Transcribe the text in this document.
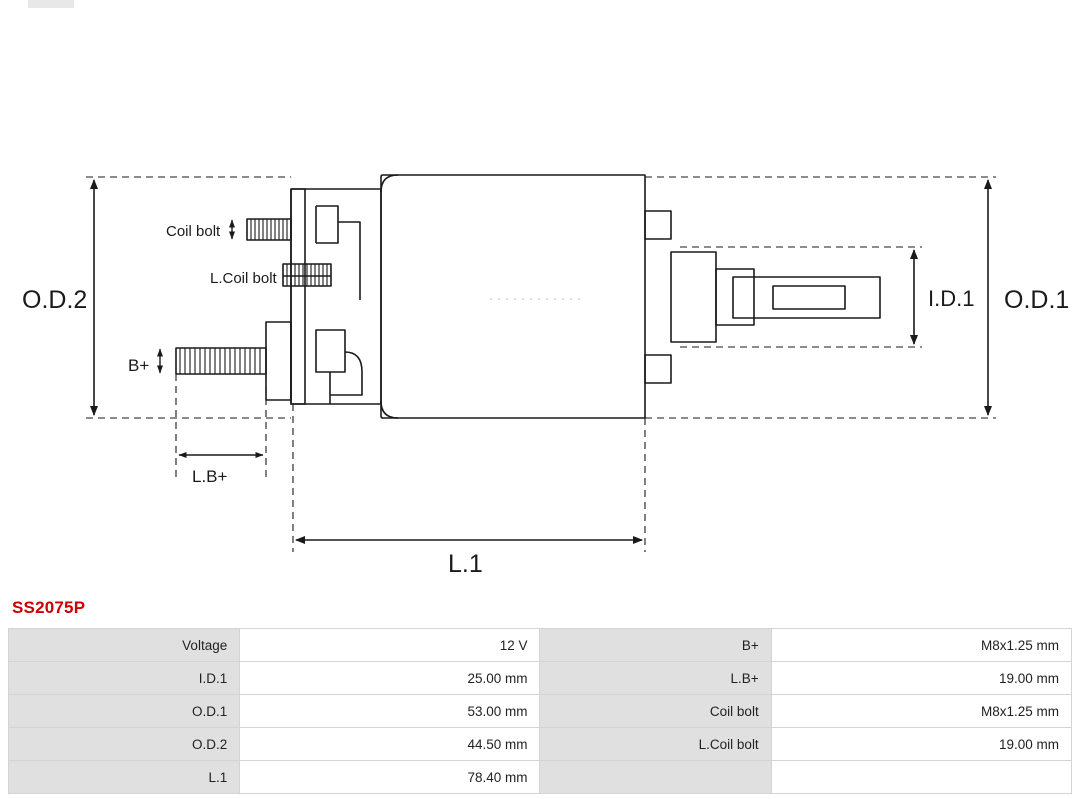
O.D.2	O.D.1
I.D.1
L.1
L.B+
B+
Coil bolt
L.Coil bolt
SS2075P
Voltage	12 V	B+	M8x1.25 mm
I.D.1	25.00 mm	L.B+	19.00 mm
O.D.1	53.00 mm	Coil bolt	M8x1.25 mm
O.D.2	44.50 mm	L.Coil bolt	19.00 mm
L.1	78.40 mm		
